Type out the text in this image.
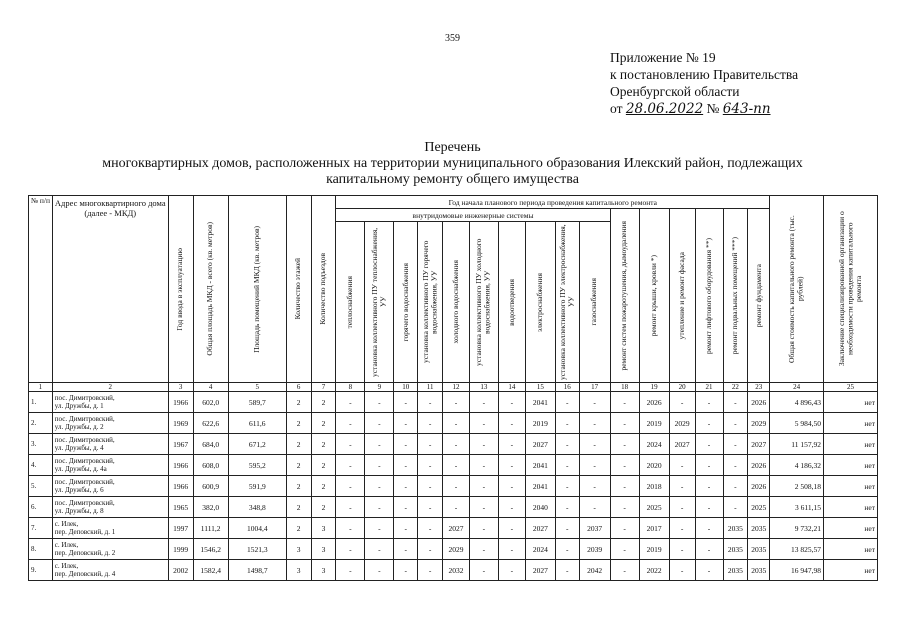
359
Приложение № 19
к постановлению Правительства
Оренбургской области
от 28.06.2022 № 643-пп
Перечень
многоквартирных домов, расположенных на территории муниципального образования Илекский район, подлежащих
капитальному ремонту общего имущества
№ п/п	Адрес многоквартирного дома (далее - МКД)	Год ввода в эксплуатацию	Общая площадь МКД - всего (кв. метров)	Площадь помещений МКД (кв. метров)	Количество этажей	Количество подъездов	Год начала планового периода проведения капитального ремонта																Общая стоимость капитального ремонта (тыс. рублей)	Заключение специализированной организации о необходимости проведения капитального ремонта

							внутридомовые инженерные системы										ремонт систем пожаротушения, дымоудаления	ремонт крыши, кровли *)	утепление и ремонт фасада	ремонт лифтового оборудования **)	ремонт подвальных помещений ***)	ремонт фундамента		

							теплоснабжения	установка коллективного ПУ теплоснабжения, УУ	горячего водоснабжения	установка коллективного ПУ горячего водоснабжения, УУ	холодного водоснабжения	установка коллективного ПУ холодного водоснабжения, УУ	водоотведения	электроснабжения	установка коллективного ПУ электроснабжения, УУ	газоснабжения								

1	2	3	4	5	6	7	8	9	10	11	12	13	14	15	16	17	18	19	20	21	22	23	24	25
1.	пос. Димитровский,
ул. Дружбы, д. 1	1966	602,0	589,7	2	2	-	-	-	-	-	-	-	2041	-	-	-	2026	-	-	-	2026	4 896,43	нет
2.	пос. Димитровский,
ул. Дружбы, д. 2	1969	622,6	611,6	2	2	-	-	-	-	-	-	-	2019	-	-	-	2019	2029	-	-	2029	5 984,50	нет
3.	пос. Димитровский,
ул. Дружбы, д. 4	1967	684,0	671,2	2	2	-	-	-	-	-	-	-	2027	-	-	-	2024	2027	-	-	2027	11 157,92	нет
4.	пос. Димитровский,
ул. Дружбы, д. 4а	1966	608,0	595,2	2	2	-	-	-	-	-	-	-	2041	-	-	-	2020	-	-	-	2026	4 186,32	нет
5.	пос. Димитровский,
ул. Дружбы, д. 6	1966	600,9	591,9	2	2	-	-	-	-	-	-	-	2041	-	-	-	2018	-	-	-	2026	2 508,18	нет
6.	пос. Димитровский,
ул. Дружбы, д. 8	1965	382,0	348,8	2	2	-	-	-	-	-	-	-	2040	-	-	-	2025	-	-	-	2025	3 611,15	нет
7.	с. Илек,
пер. Деповский, д. 1	1997	1111,2	1004,4	2	3	-	-	-	-	2027	-	-	2027	-	2037	-	2017	-	-	2035	2035	9 732,21	нет
8.	с. Илек,
пер. Деповский, д. 2	1999	1546,2	1521,3	3	3	-	-	-	-	2029	-	-	2024	-	2039	-	2019	-	-	2035	2035	13 825,57	нет
9.	с. Илек,
пер. Деповский, д. 4	2002	1582,4	1498,7	3	3	-	-	-	-	2032	-	-	2027	-	2042	-	2022	-	-	2035	2035	16 947,98	нет
